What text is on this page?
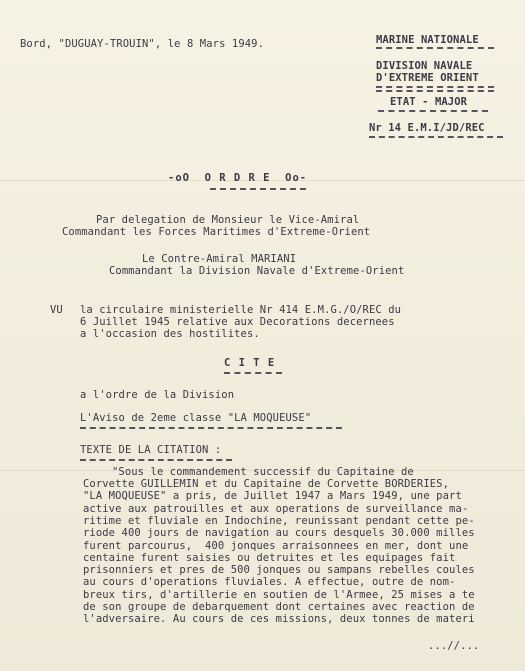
Bord, "DUGUAY-TROUIN", le 8 Mars 1949.	MARINE NATIONALE
DIVISION NAVALE
D'EXTREME ORIENT
ETAT - MAJOR
Nr 14 E.M.I/JD/REC
-oO  O R D R E  Oo-
Par delegation de Monsieur le Vice-Amiral
Commandant les Forces Maritimes d'Extreme-Orient
Le Contre-Amiral MARIANI
Commandant la Division Navale d'Extreme-Orient
VU la circulaire ministerielle Nr 414 E.M.G./O/REC du
6 Juillet 1945 relative aux Decorations decernees
a l'occasion des hostilites.
C I T E
a l'ordre de la Division
L'Aviso de 2eme classe "LA MOQUEUSE"
TEXTE DE LA CITATION :
"Sous le commandement successif du Capitaine de
Corvette GUILLEMIN et du Capitaine de Corvette BORDERIES,
"LA MOQUEUSE" a pris, de Juillet 1947 a Mars 1949, une part
active aux patrouilles et aux operations de surveillance ma-
ritime et fluviale en Indochine, reunissant pendant cette pe-
riode 400 jours de navigation au cours desquels 30.000 milles
furent parcourus,  400 jonques arraisonnees en mer, dont une
centaine furent saisies ou detruites et les equipages fait
prisonniers et pres de 500 jonques ou sampans rebelles coules
au cours d'operations fluviales. A effectue, outre de nom-
breux tirs, d'artillerie en soutien de l'Armee, 25 mises a te
de son groupe de debarquement dont certaines avec reaction de
l'adversaire. Au cours de ces missions, deux tonnes de materi
...//...
